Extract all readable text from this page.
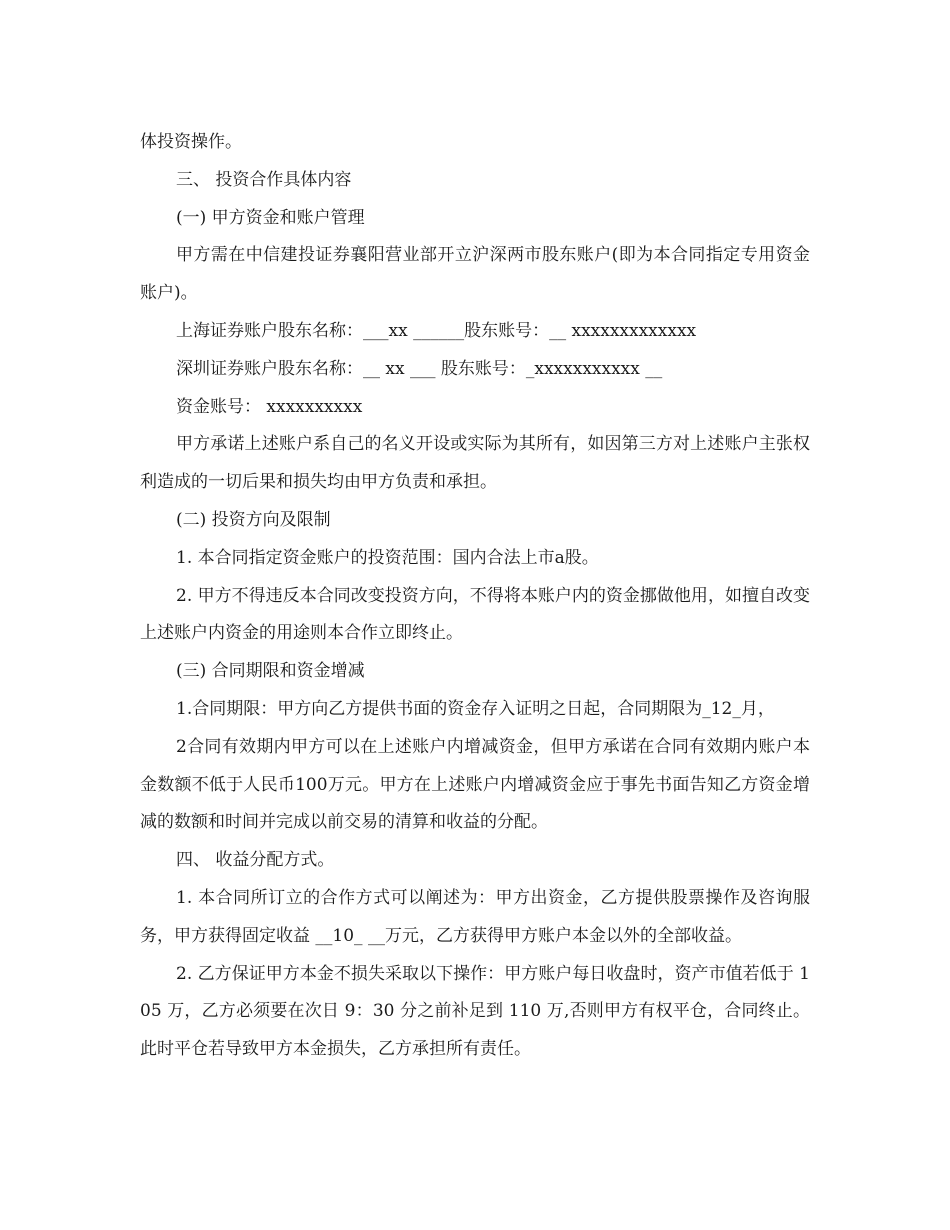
体投资操作。

三、 投资合作具体内容

(一) 甲方资金和账户管理

甲方需在中信建投证券襄阳营业部开立沪深两市股东账户(即为本合同指定专用资金账户)。

上海证券账户股东名称：___xx ______股东账号：__ xxxxxxxxxxxxx

深圳证券账户股东名称：__ xx ___ 股东账号：_xxxxxxxxxxx __

资金账号： xxxxxxxxxx

甲方承诺上述账户系自己的名义开设或实际为其所有，如因第三方对上述账户主张权利造成的一切后果和损失均由甲方负责和承担。

(二) 投资方向及限制

1. 本合同指定资金账户的投资范围：国内合法上市a股。

2. 甲方不得违反本合同改变投资方向，不得将本账户内的资金挪做他用，如擅自改变上述账户内资金的用途则本合作立即终止。

(三) 合同期限和资金增减

1.合同期限：甲方向乙方提供书面的资金存入证明之日起，合同期限为_12_月，

2合同有效期内甲方可以在上述账户内增减资金，但甲方承诺在合同有效期内账户本金数额不低于人民币100万元。甲方在上述账户内增减资金应于事先书面告知乙方资金增减的数额和时间并完成以前交易的清算和收益的分配。

四、 收益分配方式。

1. 本合同所订立的合作方式可以阐述为：甲方出资金，乙方提供股票操作及咨询服务，甲方获得固定收益 __10_ __万元，乙方获得甲方账户本金以外的全部收益。

2. 乙方保证甲方本金不损失采取以下操作：甲方账户每日收盘时，资产市值若低于 105 万，乙方必须要在次日 9：30 分之前补足到 110 万,否则甲方有权平仓，合同终止。此时平仓若导致甲方本金损失，乙方承担所有责任。
